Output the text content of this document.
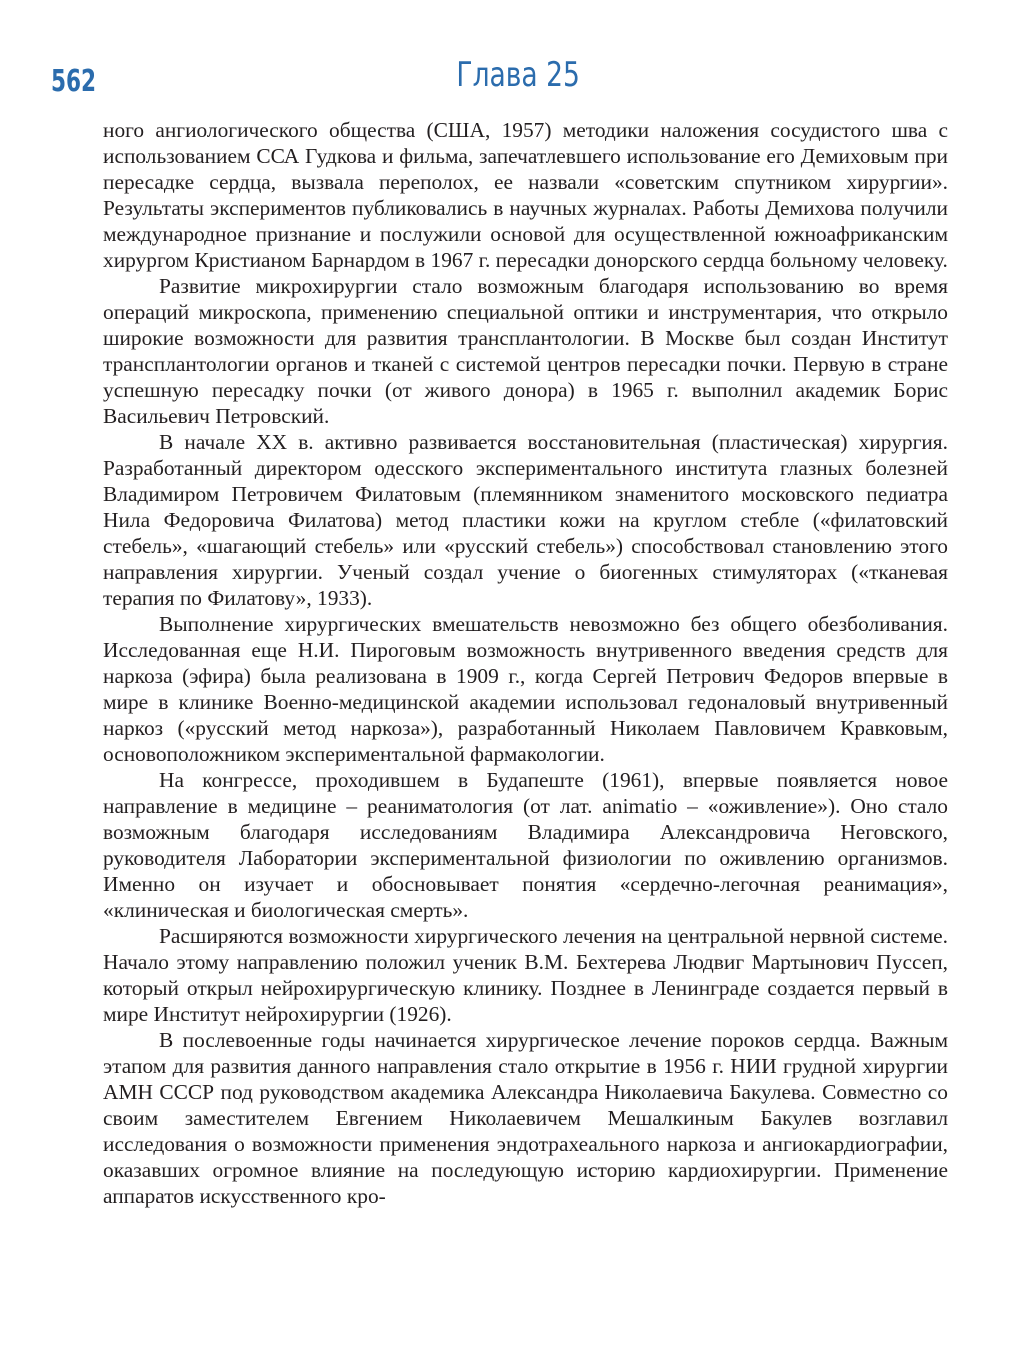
562	Глава 25

ного ангиологического общества (США, 1957) методики наложения сосудистого шва с использованием ССА Гудкова и фильма, запечатлевшего использование его Демиховым при пересадке сердца, вызвала переполох, ее назвали «советским спутником хирургии». Результаты экспериментов публиковались в научных журналах. Работы Демихова получили международное признание и послужили основой для осуществленной южноафриканским хирургом Кристианом Барнардом в 1967 г. пересадки донорского сердца больному человеку.

Развитие микрохирургии стало возможным благодаря использованию во время операций микроскопа, применению специальной оптики и инструментария, что открыло широкие возможности для развития трансплантологии. В Москве был создан Институт трансплантологии органов и тканей с системой центров пересадки почки. Первую в стране успешную пересадку почки (от живого донора) в 1965 г. выполнил академик Борис Васильевич Петровский.

В начале XX в. активно развивается восстановительная (пластическая) хирургия. Разработанный директором одесского экспериментального института глазных болезней Владимиром Петровичем Филатовым (племянником знаменитого московского педиатра Нила Федоровича Филатова) метод пластики кожи на круглом стебле («филатовский стебель», «шагающий стебель» или «русский стебель») способствовал становлению этого направления хирургии. Ученый создал учение о биогенных стимуляторах («тканевая терапия по Филатову», 1933).

Выполнение хирургических вмешательств невозможно без общего обезболивания. Исследованная еще Н.И. Пироговым возможность внутривенного введения средств для наркоза (эфира) была реализована в 1909 г., когда Сергей Петрович Федоров впервые в мире в клинике Военно-медицинской академии использовал гедоналовый внутривенный наркоз («русский метод наркоза»), разработанный Николаем Павловичем Кравковым, основоположником экспериментальной фармакологии.

На конгрессе, проходившем в Будапеште (1961), впервые появляется новое направление в медицине – реаниматология (от лат. animatio – «оживление»). Оно стало возможным благодаря исследованиям Владимира Александровича Неговского, руководителя Лаборатории экспериментальной физиологии по оживлению организмов. Именно он изучает и обосновывает понятия «сердечно-легочная реанимация», «клиническая и биологическая смерть».

Расширяются возможности хирургического лечения на центральной нервной системе. Начало этому направлению положил ученик В.М. Бехтерева Людвиг Мартынович Пуссеп, который открыл нейрохирургическую клинику. Позднее в Ленинграде создается первый в мире Институт нейрохирургии (1926).

В послевоенные годы начинается хирургическое лечение пороков сердца. Важным этапом для развития данного направления стало открытие в 1956 г. НИИ грудной хирургии АМН СССР под руководством академика Александра Николаевича Бакулева. Совместно со своим заместителем Евгением Николаевичем Мешалкиным Бакулев возглавил исследования о возможности применения эндотрахеального наркоза и ангиокардиографии, оказавших огромное влияние на последующую историю кардиохирургии. Применение аппаратов искусственного кро-
